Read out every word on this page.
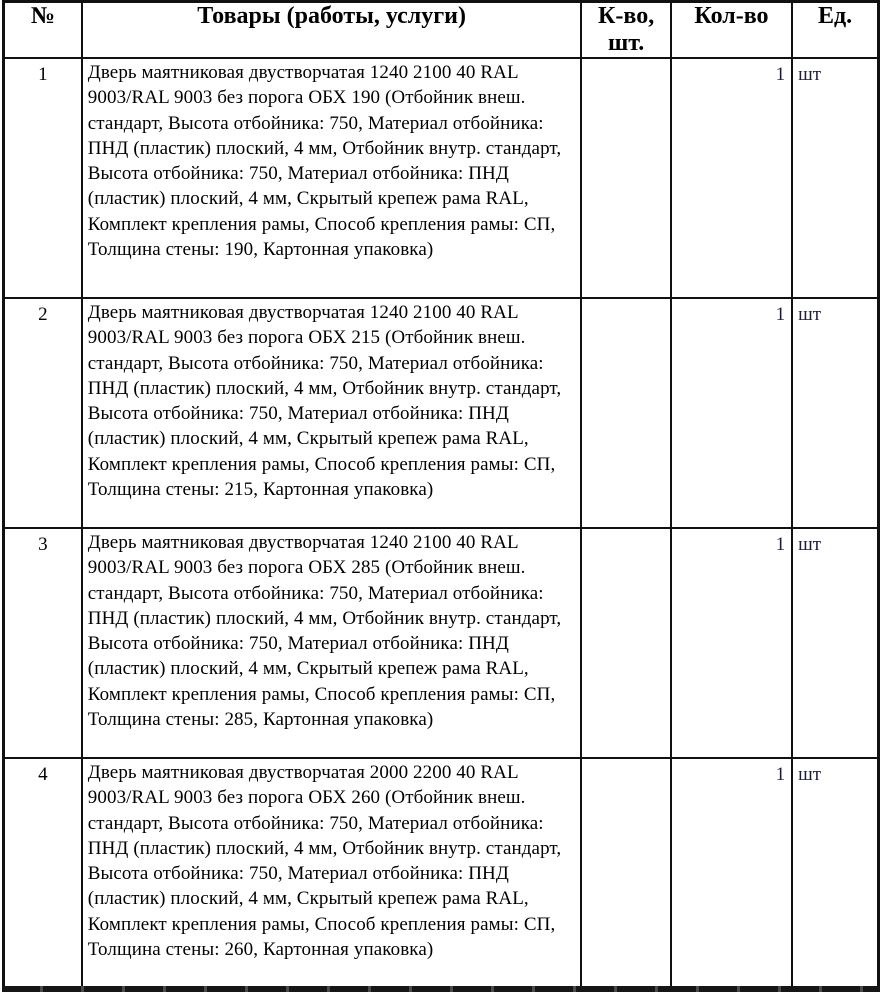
№	Товары (работы, услуги)	К-во, шт.	Кол-во	Ед.
1	Дверь маятниковая двустворчатая 1240 2100 40 RAL 9003/RAL 9003 без порога ОБХ 190 (Отбойник внеш. стандарт, Высота отбойника: 750, Материал отбойника: ПНД (пластик) плоский, 4 мм, Отбойник внутр. стандарт, Высота отбойника: 750, Материал отбойника: ПНД (пластик) плоский, 4 мм, Скрытый крепеж рама RAL, Комплект крепления рамы, Способ крепления рамы: СП, Толщина стены: 190, Картонная упаковка)		1	шт
2	Дверь маятниковая двустворчатая 1240 2100 40 RAL 9003/RAL 9003 без порога ОБХ 215 (Отбойник внеш. стандарт, Высота отбойника: 750, Материал отбойника: ПНД (пластик) плоский, 4 мм, Отбойник внутр. стандарт, Высота отбойника: 750, Материал отбойника: ПНД (пластик) плоский, 4 мм, Скрытый крепеж рама RAL, Комплект крепления рамы, Способ крепления рамы: СП, Толщина стены: 215, Картонная упаковка)		1	шт
3	Дверь маятниковая двустворчатая 1240 2100 40 RAL 9003/RAL 9003 без порога ОБХ 285 (Отбойник внеш. стандарт, Высота отбойника: 750, Материал отбойника: ПНД (пластик) плоский, 4 мм, Отбойник внутр. стандарт, Высота отбойника: 750, Материал отбойника: ПНД (пластик) плоский, 4 мм, Скрытый крепеж рама RAL, Комплект крепления рамы, Способ крепления рамы: СП, Толщина стены: 285, Картонная упаковка)		1	шт
4	Дверь маятниковая двустворчатая 2000 2200 40 RAL 9003/RAL 9003 без порога ОБХ 260 (Отбойник внеш. стандарт, Высота отбойника: 750, Материал отбойника: ПНД (пластик) плоский, 4 мм, Отбойник внутр. стандарт, Высота отбойника: 750, Материал отбойника: ПНД (пластик) плоский, 4 мм, Скрытый крепеж рама RAL, Комплект крепления рамы, Способ крепления рамы: СП, Толщина стены: 260, Картонная упаковка)		1	шт
